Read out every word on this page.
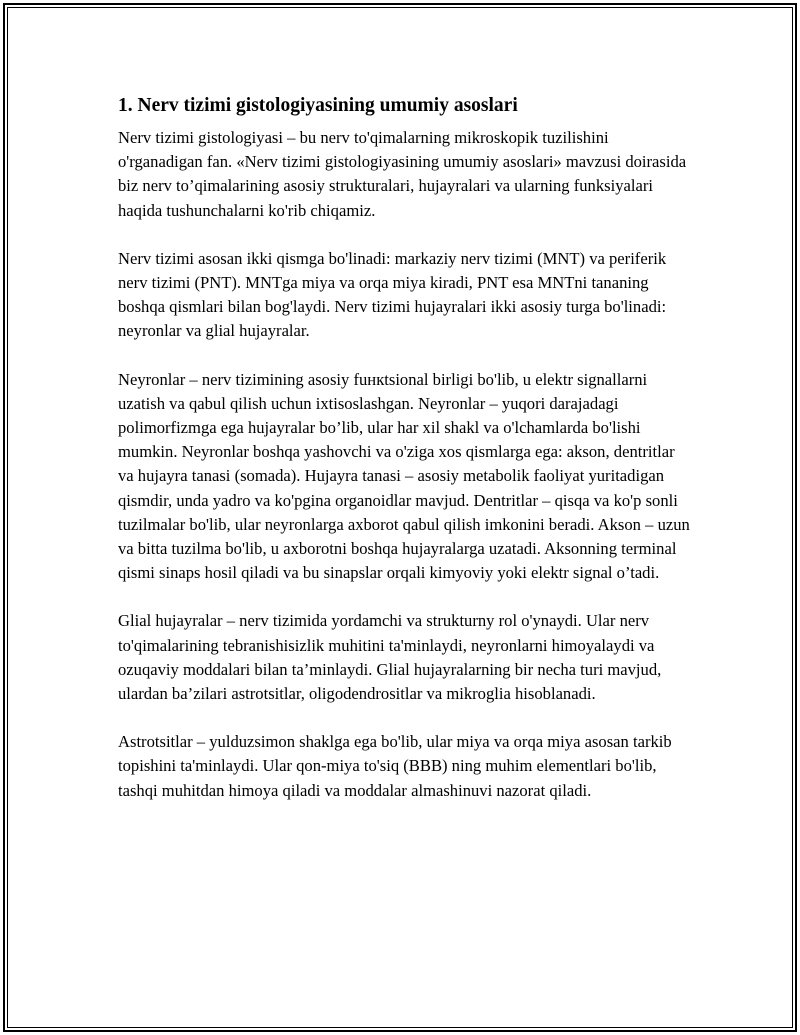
1. Nerv tizimi gistologiyasining umumiy asoslari

Nerv tizimi gistologiyasi – bu nerv to'qimalarning mikroskopik tuzilishini o'rganadigan fan. «Nerv tizimi gistologiyasining umumiy asoslari» mavzusi doirasida biz nerv to’qimalarining asosiy strukturalari, hujayralari va ularning funksiyalari haqida tushunchalarni ko'rib chiqamiz.

Nerv tizimi asosan ikki qismga bo'linadi: markaziy nerv tizimi (MNT) va periferik nerv tizimi (PNT). MNTga miya va orqa miya kiradi, PNT esa MNTni tananing boshqa qismlari bilan bog'laydi. Nerv tizimi hujayralari ikki asosiy turga bo'linadi: neyronlar va glial hujayralar.

Neyronlar – nerv tizimining asosiy fuнкtsional birligi bo'lib, u elektr signallarni uzatish va qabul qilish uchun ixtisoslashgan. Neyronlar – yuqori darajadagi polimorfizmga ega hujayralar bo’lib, ular har xil shakl va o'lchamlarda bo'lishi mumkin. Neyronlar boshqa yashovchi va o'ziga xos qismlarga ega: akson, dentritlar va hujayra tanasi (somada). Hujayra tanasi – asosiy metabolik faoliyat yuritadigan qismdir, unda yadro va ko'pgina organoidlar mavjud. Dentritlar – qisqa va ko'p sonli tuzilmalar bo'lib, ular neyronlarga axborot qabul qilish imkonini beradi. Akson – uzun va bitta tuzilma bo'lib, u axborotni boshqa hujayralarga uzatadi. Aksonning terminal qismi sinaps hosil qiladi va bu sinapslar orqali kimyoviy yoki elektr signal o’tadi.

Glial hujayralar – nerv tizimida yordamchi va strukturny rol o'ynaydi. Ular nerv to'qimalarining tebranishisizlik muhitini ta'minlaydi, neyronlarni himoyalaydi va ozuqaviy moddalari bilan ta’minlaydi. Glial hujayralarning bir necha turi mavjud, ulardan ba’zilari astrotsitlar, oligodendrositlar va mikroglia hisoblanadi.

Astrotsitlar – yulduzsimon shaklga ega bo'lib, ular miya va orqa miya asosan tarkib topishini ta'minlaydi. Ular qon-miya to'siq (BBB) ning muhim elementlari bo'lib, tashqi muhitdan himoya qiladi va moddalar almashinuvi nazorat qiladi.
